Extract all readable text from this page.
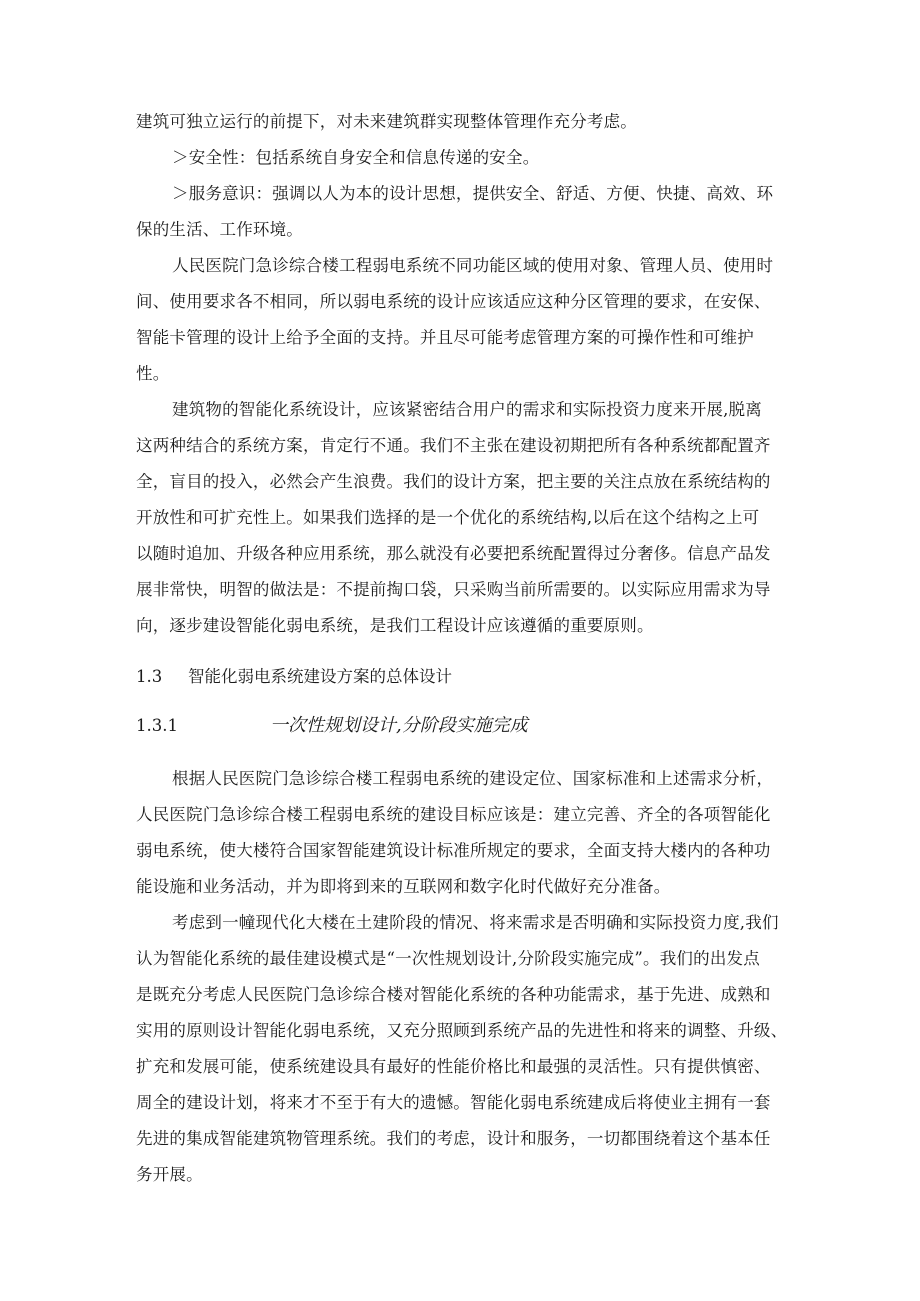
建筑可独立运行的前提下，对未来建筑群实现整体管理作充分考虑。
＞安全性：包括系统自身安全和信息传递的安全。
＞服务意识：强调以人为本的设计思想，提供安全、舒适、方便、快捷、高效、环
保的生活、工作环境。
人民医院门急诊综合楼工程弱电系统不同功能区域的使用对象、管理人员、使用时
间、使用要求各不相同，所以弱电系统的设计应该适应这种分区管理的要求，在安保、
智能卡管理的设计上给予全面的支持。并且尽可能考虑管理方案的可操作性和可维护
性。
建筑物的智能化系统设计，应该紧密结合用户的需求和实际投资力度来开展,脱离
这两种结合的系统方案，肯定行不通。我们不主张在建设初期把所有各种系统都配置齐
全，盲目的投入，必然会产生浪费。我们的设计方案，把主要的关注点放在系统结构的
开放性和可扩充性上。如果我们选择的是一个优化的系统结构,以后在这个结构之上可
以随时追加、升级各种应用系统，那么就没有必要把系统配置得过分奢侈。信息产品发
展非常快，明智的做法是：不提前掏口袋，只采购当前所需要的。以实际应用需求为导
向，逐步建设智能化弱电系统，是我们工程设计应该遵循的重要原则。
1.3 智能化弱电系统建设方案的总体设计
1.3.1	一次性规划设计,分阶段实施完成
根据人民医院门急诊综合楼工程弱电系统的建设定位、国家标准和上述需求分析，
人民医院门急诊综合楼工程弱电系统的建设目标应该是：建立完善、齐全的各项智能化
弱电系统，使大楼符合国家智能建筑设计标准所规定的要求，全面支持大楼内的各种功
能设施和业务活动，并为即将到来的互联网和数字化时代做好充分准备。
考虑到一幢现代化大楼在土建阶段的情况、将来需求是否明确和实际投资力度,我们
认为智能化系统的最佳建设模式是“一次性规划设计,分阶段实施完成”。我们的出发点
是既充分考虑人民医院门急诊综合楼对智能化系统的各种功能需求，基于先进、成熟和
实用的原则设计智能化弱电系统，又充分照顾到系统产品的先进性和将来的调整、升级、
扩充和发展可能，使系统建设具有最好的性能价格比和最强的灵活性。只有提供慎密、
周全的建设计划，将来才不至于有大的遗憾。智能化弱电系统建成后将使业主拥有一套
先进的集成智能建筑物管理系统。我们的考虑，设计和服务，一切都围绕着这个基本任
务开展。
